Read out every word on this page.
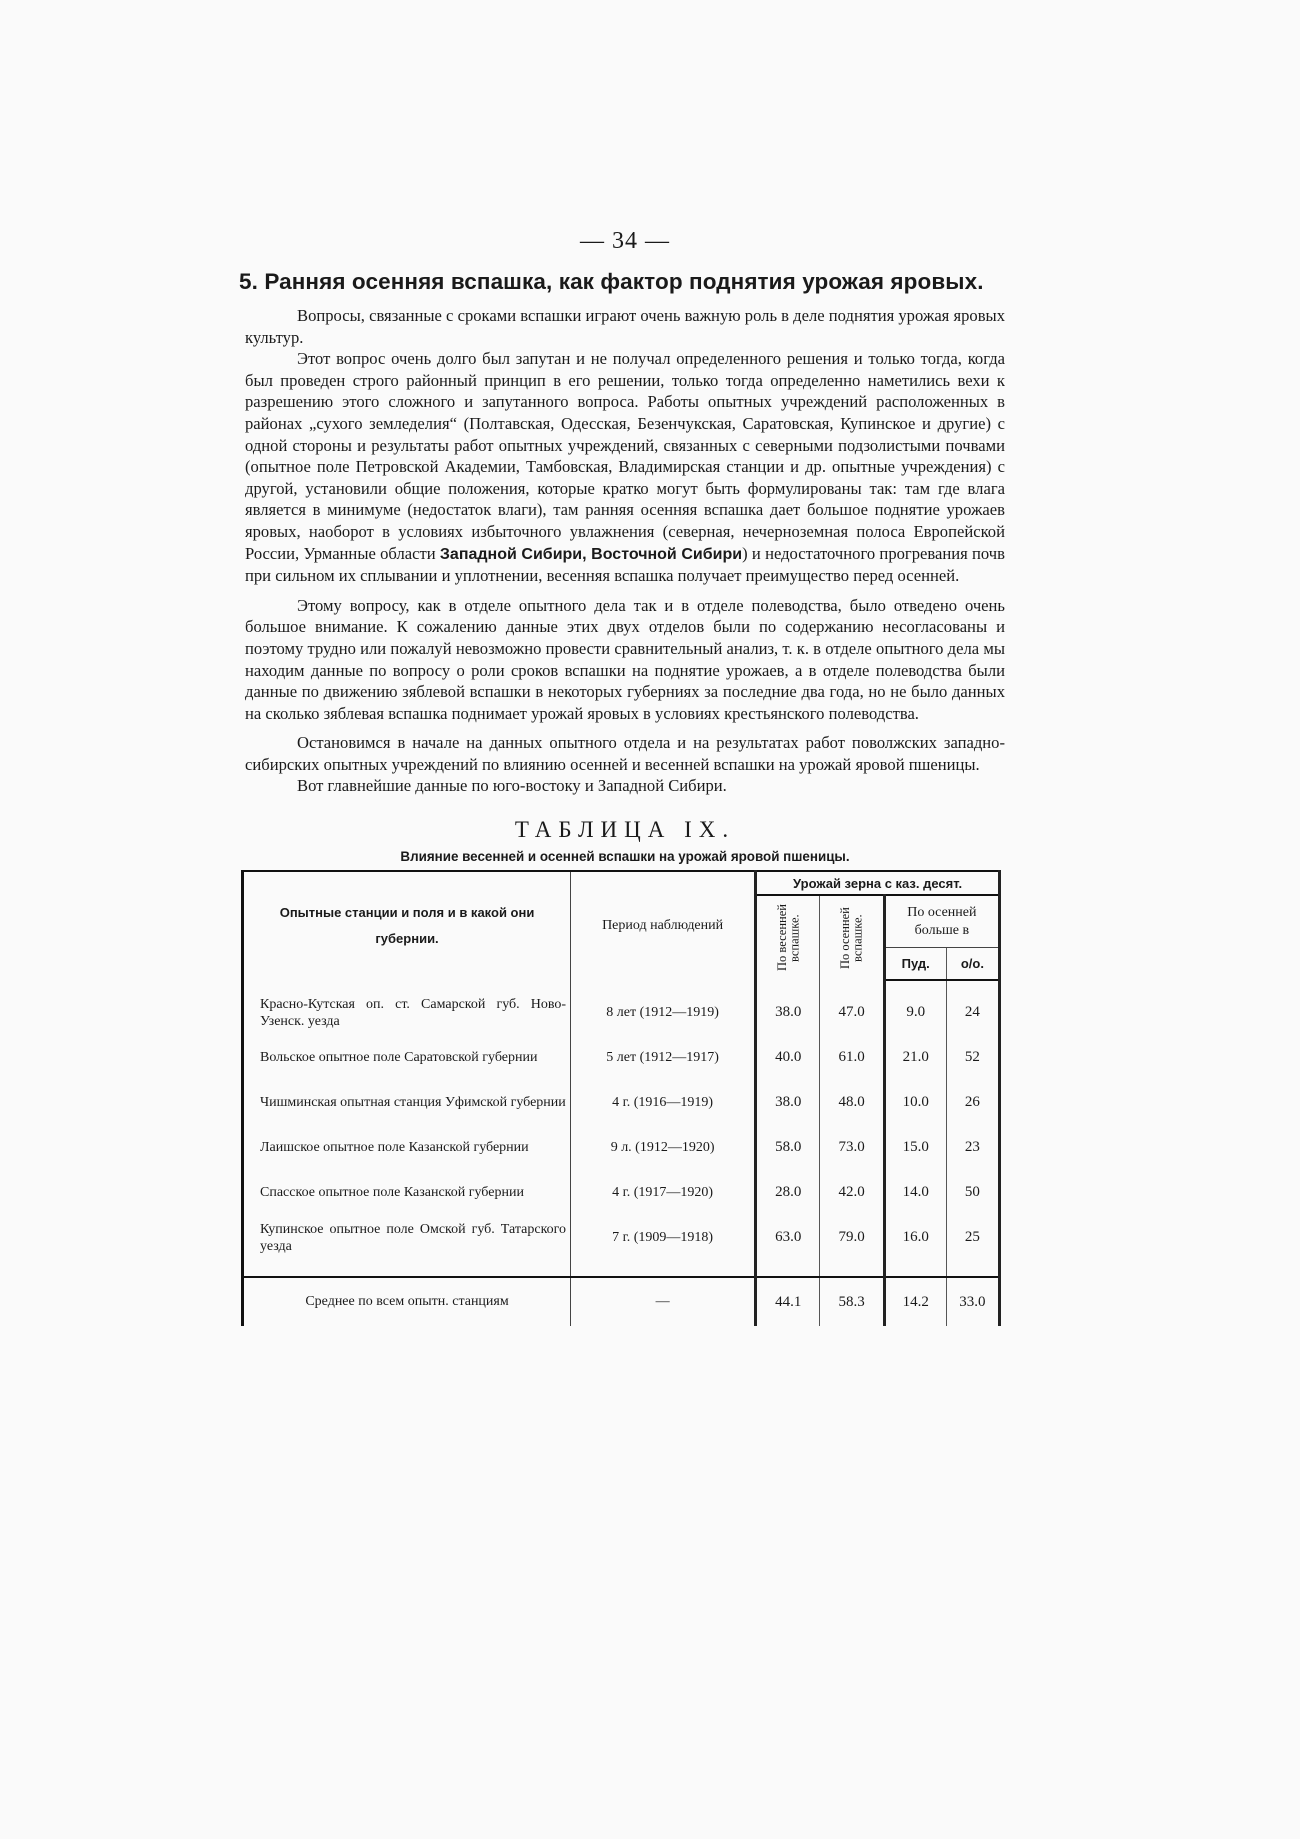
— 34 —
5. Ранняя осенняя вспашка, как фактор поднятия урожая яровых.

Вопросы, связанные с сроками вспашки играют очень важную роль в деле поднятия урожая яровых культур.

Этот вопрос очень долго был запутан и не получал определенного решения и только тогда, когда был проведен строго районный принцип в его решении, только тогда определенно наметились вехи к разрешению этого сложного и запутанного вопроса. Работы опытных учреждений расположенных в районах „сухого земледелия“ (Полтавская, Одесская, Безенчукская, Саратовская, Купинское и другие) с одной стороны и результаты работ опытных учреждений, связанных с северными подзолистыми почвами (опытное поле Петровской Академии, Тамбовская, Владимирская станции и др. опытные учреждения) с другой, установили общие положения, которые кратко могут быть формулированы так: там где влага является в минимуме (недостаток влаги), там ранняя осенняя вспашка дает большое поднятие урожаев яровых, наоборот в условиях избыточного увлажнения (северная, нечерноземная полоса Европейской России, Урманные области Западной Сибири, Восточной Сибири) и недостаточного прогревания почв при сильном их сплывании и уплотнении, весенняя вспашка получает преимущество перед осенней.

Этому вопросу, как в отделе опытного дела так и в отделе полеводства, было отведено очень большое внимание. К сожалению данные этих двух отделов были по содержанию несогласованы и поэтому трудно или пожалуй невозможно провести сравнительный анализ, т. к. в отделе опытного дела мы находим данные по вопросу о роли сроков вспашки на поднятие урожаев, а в отделе полеводства были данные по движению зяблевой вспашки в некоторых губерниях за последние два года, но не было данных на сколько зяблевая вспашка поднимает урожай яровых в условиях крестьянского полеводства.

Остановимся в начале на данных опытного отдела и на результатах работ поволжских западно-сибирских опытных учреждений по влиянию осенней и весенней вспашки на урожай яровой пшеницы.

Вот главнейшие данные по юго-востоку и Западной Сибири.

ТАБЛИЦА IX.
Влияние весенней и осенней вспашки на урожай яровой пшеницы.
Опытные станции и поля и в какой они губернии.	Период наблюдений	Урожай зерна с каз. десят.			

		По весенней вспашке.	По осенней вспашке.	По осенней больше в	
				Пуд.	о/о.

Красно-Кутская оп. ст. Самарской губ. Ново-Узенск. уезда	8 лет (1912—1919)	38.0	47.0	9.0	24
Вольское опытное поле Саратовской губернии	5 лет (1912—1917)	40.0	61.0	21.0	52
Чишминская опытная станция Уфимской губернии	4 г. (1916—1919)	38.0	48.0	10.0	26
Лаишское опытное поле Казанской губернии	9 л. (1912—1920)	58.0	73.0	15.0	23
Спасское опытное поле Казанской губернии	4 г. (1917—1920)	28.0	42.0	14.0	50
Купинское опытное поле Омской губ. Татарского уезда	7 г. (1909—1918)	63.0	79.0	16.0	25

Среднее по всем опытн. станциям	—	44.1	58.3	14.2	33.0
